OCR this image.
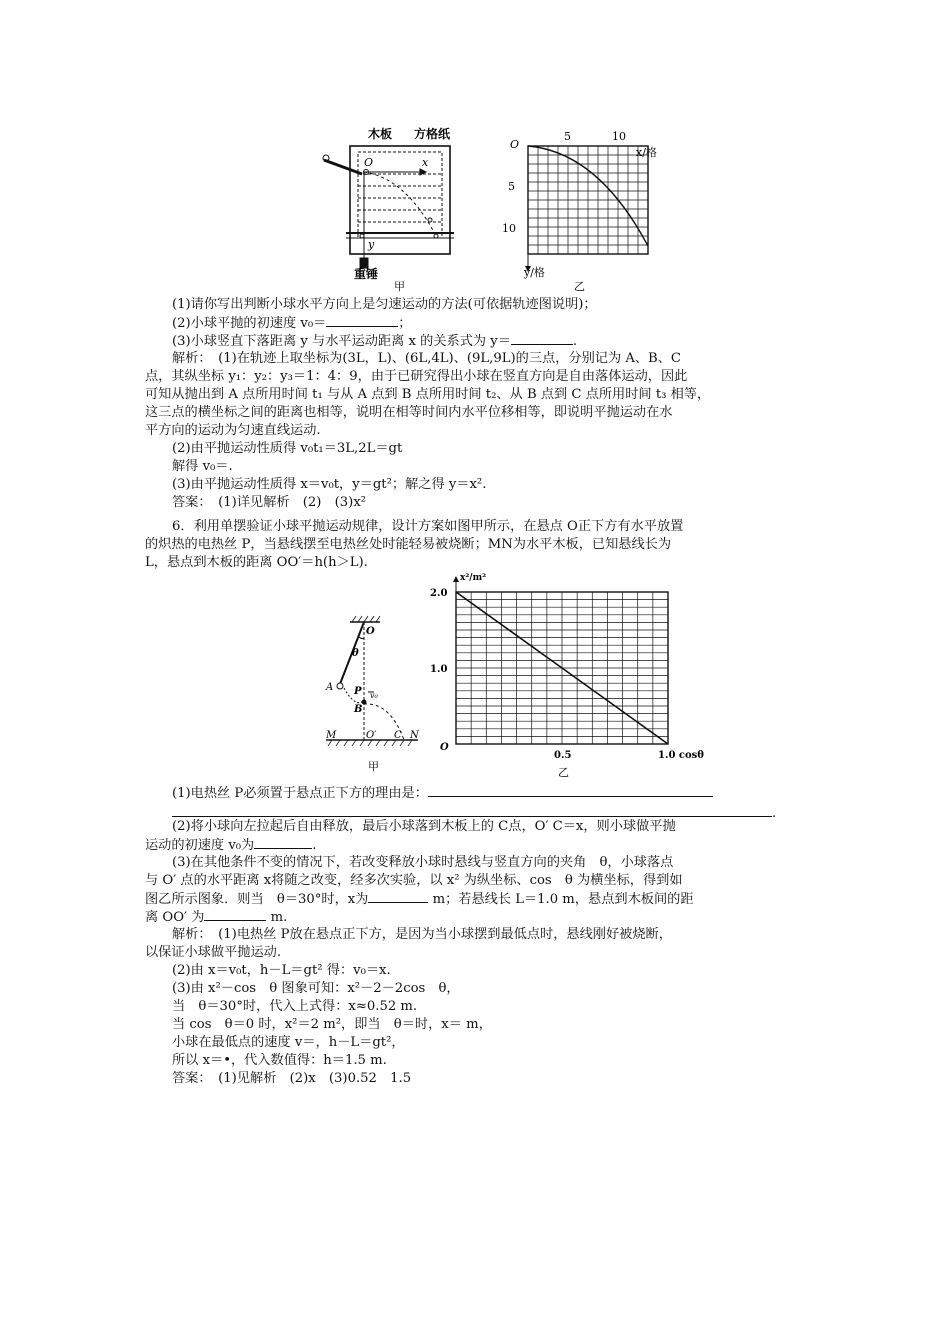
木板 方格纸
O	x
y
重锤
甲
O
5	10
x/格
5
10
y/格
乙
(1)请你写出判断小球水平方向上是匀速运动的方法(可依据轨迹图说明)；
(2)小球平抛的初速度 v₀＝	；
(3)小球竖直下落距离 y 与水平运动距离 x 的关系式为 y＝	.
解析：　(1)在轨迹上取坐标为(3L，L)、(6L,4L)、(9L,9L)的三点，分别记为 A、B、C
点，其纵坐标 y₁：y₂：y₃＝1：4：9，由于已研究得出小球在竖直方向是自由落体运动，因此
可知从抛出到 A 点所用时间 t₁ 与从 A 点到 B 点所用时间 t₂、从 B 点到 C 点所用时间 t₃ 相等，
这三点的横坐标之间的距离也相等，说明在相等时间内水平位移相等，即说明平抛运动在水
平方向的运动为匀速直线运动.
(2)由平抛运动性质得 v₀t₁＝3L,2L＝gt
解得 v₀＝.
(3)由平抛运动性质得 x＝v₀t，y＝gt²；解之得 y＝x².
答案：　(1)详见解析　(2)　(3)x²
6．利用单摆验证小球平抛运动规律，设计方案如图甲所示，在悬点 O正下方有水平放置
的炽热的电热丝 P，当悬线摆至电热丝处时能轻易被烧断；MN为水平木板，已知悬线长为
L，悬点到木板的距离 OO′＝h(h＞L).
O
θ
A P v₀
B
M	O′ C N
甲
x²/m²
2.0
1.0
O
0.5	1.0 cosθ
乙
(1)电热丝 P必须置于悬点正下方的理由是：
.
(2)将小球向左拉起后自由释放，最后小球落到木板上的 C点，O′ C＝x，则小球做平抛
运动的初速度 v₀为	.
(3)在其他条件不变的情况下，若改变释放小球时悬线与竖直方向的夹角　θ，小球落点
与 O′ 点的水平距离 x将随之改变，经多次实验，以 x² 为纵坐标、cos　θ 为横坐标，得到如
图乙所示图象．则当　θ＝30°时，x为	m；若悬线长 L＝1.0 m，悬点到木板间的距
离 OO′ 为	m.
解析：　(1)电热丝 P放在悬点正下方，是因为当小球摆到最低点时，悬线刚好被烧断，
以保证小球做平抛运动.
(2)由 x＝v₀t，h－L＝gt² 得：v₀＝x.
(3)由 x²－cos　θ 图象可知：x²－2－2cos　θ，
当　θ＝30°时，代入上式得：x≈0.52 m.
当 cos　θ＝0 时，x²＝2 m²，即当　θ＝时，x＝ m，
小球在最低点的速度 v＝，h－L＝gt²，
所以 x＝•，代入数值得：h＝1.5 m.
答案：　(1)见解析　(2)x　(3)0.52　1.5
